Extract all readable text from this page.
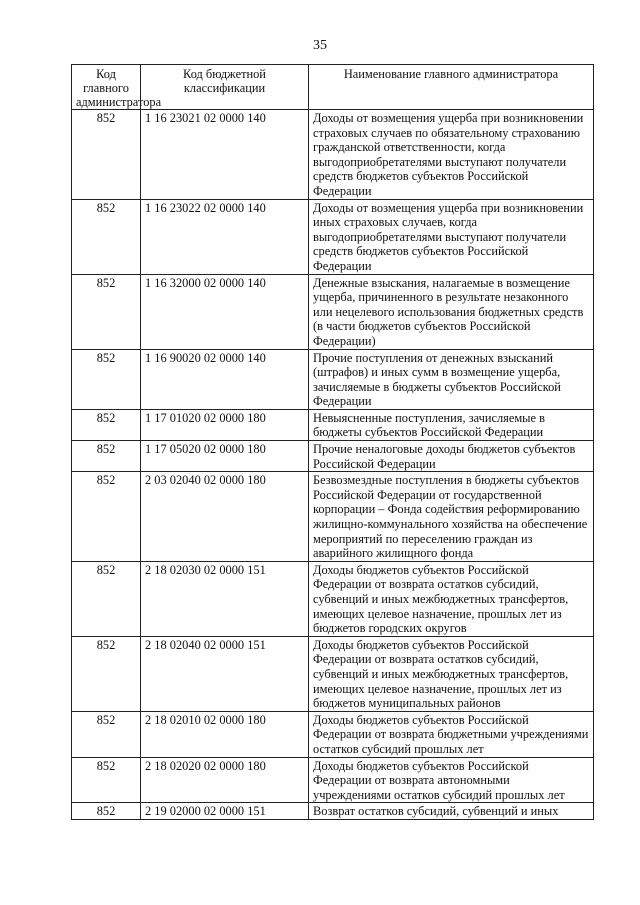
35
Код главного администратора	Код бюджетной классификации	Наименование главного администратора
852	1 16 23021 02 0000 140	Доходы от возмещения ущерба при возникновении страховых случаев по обязательному страхованию гражданской ответственности, когда выгодоприобретателями выступают получатели средств бюджетов субъектов Российской Федерации
852	1 16 23022 02 0000 140	Доходы от возмещения ущерба при возникновении иных страховых случаев, когда выгодоприобретателями выступают получатели средств бюджетов субъектов Российской Федерации
852	1 16 32000 02 0000 140	Денежные взыскания, налагаемые в возмещение ущерба, причиненного в результате незаконного или нецелевого использования бюджетных средств (в части бюджетов субъектов Российской Федерации)
852	1 16 90020 02 0000 140	Прочие поступления от денежных взысканий (штрафов) и иных сумм в возмещение ущерба, зачисляемые в бюджеты субъектов Российской Федерации
852	1 17 01020 02 0000 180	Невыясненные поступления, зачисляемые в бюджеты субъектов Российской Федерации
852	1 17 05020 02 0000 180	Прочие неналоговые доходы бюджетов субъектов Российской Федерации
852	2 03 02040 02 0000 180	Безвозмездные поступления в бюджеты субъектов Российской Федерации от государственной корпорации – Фонда содействия реформированию жилищно-коммунального хозяйства на обеспечение мероприятий по переселению граждан из аварийного жилищного фонда
852	2 18 02030 02 0000 151	Доходы бюджетов субъектов Российской Федерации от возврата остатков субсидий, субвенций и иных межбюджетных трансфертов, имеющих целевое назначение, прошлых лет из бюджетов городских округов
852	2 18 02040 02 0000 151	Доходы бюджетов субъектов Российской Федерации от возврата остатков субсидий, субвенций и иных межбюджетных трансфертов, имеющих целевое назначение, прошлых лет из бюджетов муниципальных районов
852	2 18 02010 02 0000 180	Доходы бюджетов субъектов Российской Федерации от возврата бюджетными учреждениями остатков субсидий прошлых лет
852	2 18 02020 02 0000 180	Доходы бюджетов субъектов Российской Федерации от возврата автономными учреждениями остатков субсидий прошлых лет
852	2 19 02000 02 0000 151	Возврат остатков субсидий, субвенций и иных
